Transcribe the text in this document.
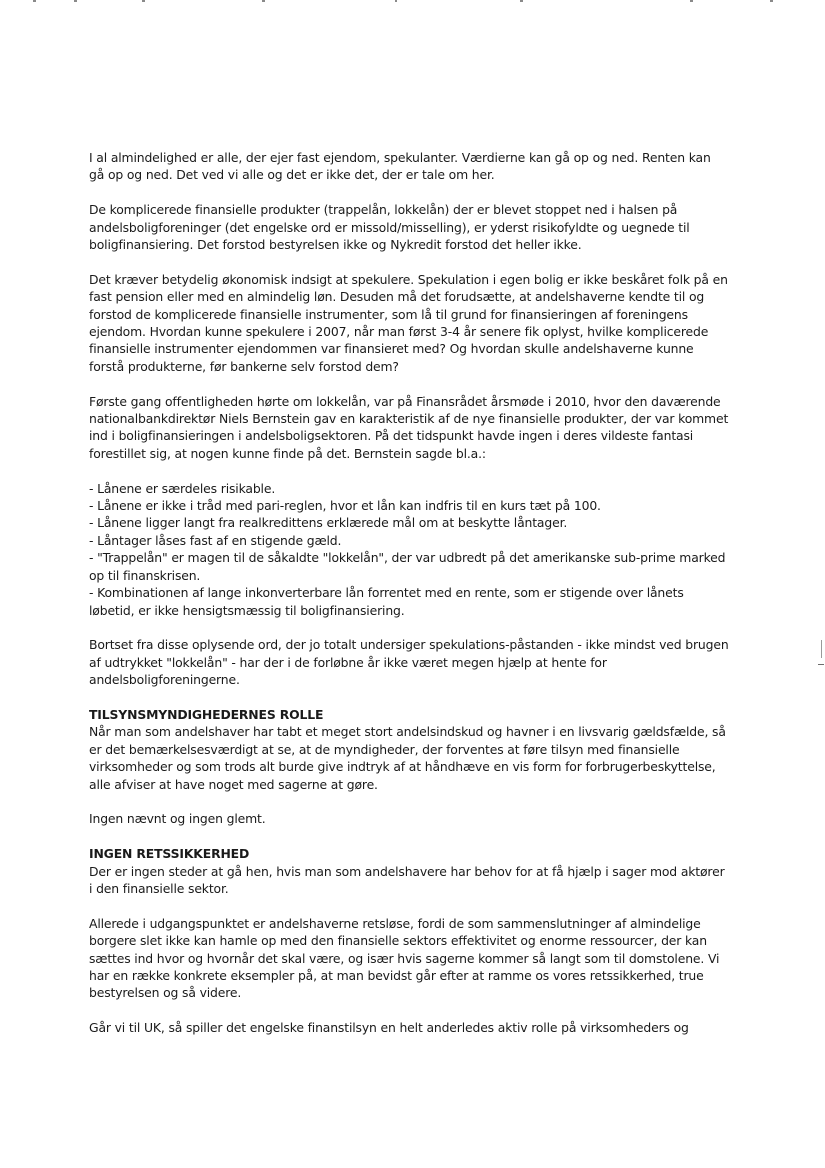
I al almindelighed er alle, der ejer fast ejendom, spekulanter. Værdierne kan gå op og ned. Renten kan gå op og ned. Det ved vi alle og det er ikke det, der er tale om her.

De komplicerede finansielle produkter (trappelån, lokkelån) der er blevet stoppet ned i halsen på andelsboligforeninger (det engelske ord er missold/misselling), er yderst risikofyldte og uegnede til boligfinansiering. Det forstod bestyrelsen ikke og Nykredit forstod det heller ikke.

Det kræver betydelig økonomisk indsigt at spekulere. Spekulation i egen bolig er ikke beskåret folk på en fast pension eller med en almindelig løn. Desuden må det forudsætte, at andelshaverne kendte til og forstod de komplicerede finansielle instrumenter, som lå til grund for finansieringen af foreningens ejendom. Hvordan kunne spekulere i 2007, når man først 3-4 år senere fik oplyst, hvilke komplicerede finansielle instrumenter ejendommen var finansieret med? Og hvordan skulle andelshaverne kunne forstå produkterne, før bankerne selv forstod dem?

Første gang offentligheden hørte om lokkelån, var på Finansrådet årsmøde i 2010, hvor den daværende nationalbankdirektør Niels Bernstein gav en karakteristik af de nye finansielle produkter, der var kommet ind i boligfinansieringen i andelsboligsektoren. På det tidspunkt havde ingen i deres vildeste fantasi forestillet sig, at nogen kunne finde på det. Bernstein sagde bl.a.:

- Lånene er særdeles risikable.

- Lånene er ikke i tråd med pari-reglen, hvor et lån kan indfris til en kurs tæt på 100.

- Lånene ligger langt fra realkredittens erklærede mål om at beskytte låntager.

- Låntager låses fast af en stigende gæld.

- "Trappelån" er magen til de såkaldte "lokkelån", der var udbredt på det amerikanske sub-prime marked op til finanskrisen.

- Kombinationen af lange inkonverterbare lån forrentet med en rente, som er stigende over lånets løbetid, er ikke hensigtsmæssig til boligfinansiering.

Bortset fra disse oplysende ord, der jo totalt undersiger spekulations-påstanden - ikke mindst ved brugen af udtrykket "lokkelån" - har der i de forløbne år ikke været megen hjælp at hente for andelsboligforeningerne.

TILSYNSMYNDIGHEDERNES ROLLE

Når man som andelshaver har tabt et meget stort andelsindskud og havner i en livsvarig gældsfælde, så er det bemærkelsesværdigt at se, at de myndigheder, der forventes at føre tilsyn med finansielle virksomheder og som trods alt burde give indtryk af at håndhæve en vis form for forbrugerbeskyttelse, alle afviser at have noget med sagerne at gøre.

Ingen nævnt og ingen glemt.

INGEN RETSSIKKERHED

Der er ingen steder at gå hen, hvis man som andelshavere har behov for at få hjælp i sager mod aktører i den finansielle sektor.

Allerede i udgangspunktet er andelshaverne retsløse, fordi de som sammenslutninger af almindelige borgere slet ikke kan hamle op med den finansielle sektors effektivitet og enorme ressourcer, der kan sættes ind hvor og hvornår det skal være, og især hvis sagerne kommer så langt som til domstolene. Vi har en række konkrete eksempler på, at man bevidst går efter at ramme os vores retssikkerhed, true bestyrelsen og så videre.

Går vi til UK, så spiller det engelske finanstilsyn en helt anderledes aktiv rolle på virksomheders og
